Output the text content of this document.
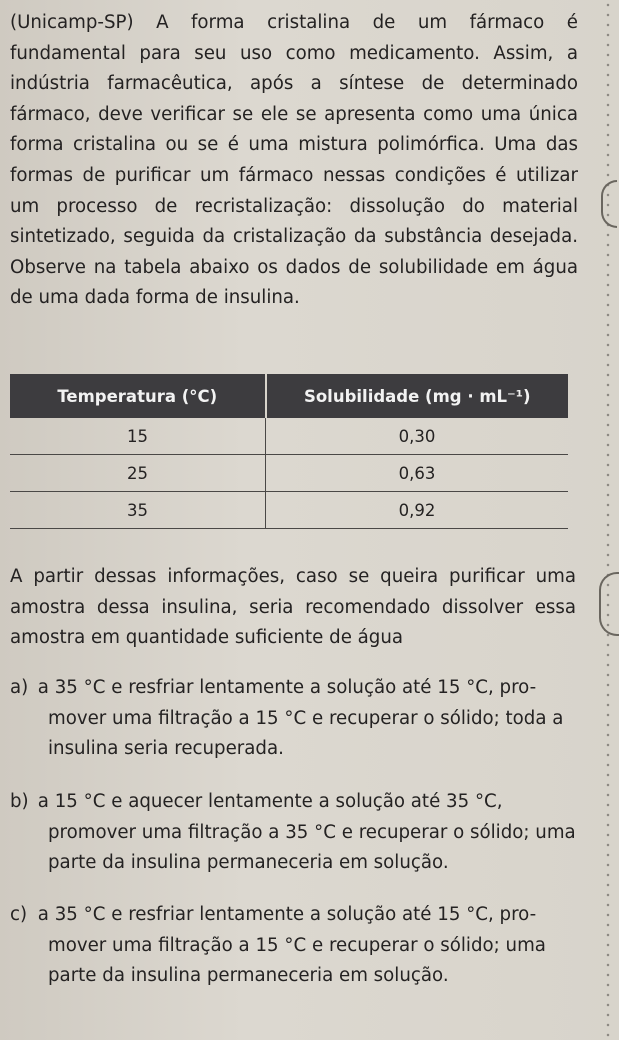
(Unicamp-SP) A forma cristalina de um fármaco é fundamental para seu uso como medicamento. Assim, a indústria farmacêutica, após a síntese de determinado fármaco, deve verificar se ele se apresenta como uma única forma cristalina ou se é uma mistura polimórfica. Uma das formas de purificar um fármaco nessas condições é utilizar um processo de recristalização: dissolução do material sintetizado, seguida da cristalização da substância desejada. Observe na tabela abaixo os dados de solubilidade em água de uma dada forma de insulina.

Temperatura (°C)	Solubilidade (mg · mL⁻¹)
15	0,30
25	0,63
35	0,92

A partir dessas informações, caso se queira purificar uma amostra dessa insulina, seria recomendado dissolver essa amostra em quantidade suficiente de água

a) a 35 °C e resfriar lentamente a solução até 15 °C, pro-
mover uma filtração a 15 °C e recuperar o sólido; toda a insulina seria recuperada.
b) a 15 °C e aquecer lentamente a solução até 35 °C,
promover uma filtração a 35 °C e recuperar o sólido; uma parte da insulina permaneceria em solução.
c) a 35 °C e resfriar lentamente a solução até 15 °C, pro-
mover uma filtração a 15 °C e recuperar o sólido; uma parte da insulina permaneceria em solução.
